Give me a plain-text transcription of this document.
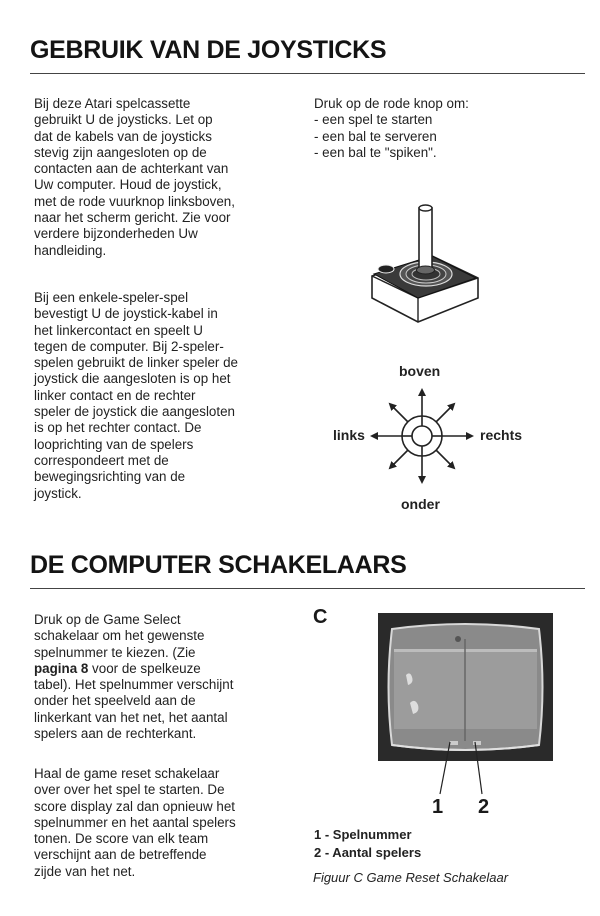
GEBRUIK VAN DE JOYSTICKS

Bij deze Atari spelcassette
gebruikt U de joysticks. Let op
dat de kabels van de joysticks
stevig zijn aangesloten op de
contacten aan de achterkant van
Uw computer. Houd de joystick,
met de rode vuurknop linksboven,
naar het scherm gericht. Zie voor
verdere bijzonderheden Uw
handleiding.

Bij een enkele-speler-spel
bevestigt U de joystick-kabel in
het linkercontact en speelt U
tegen de computer. Bij 2-speler-
spelen gebruikt de linker speler de
joystick die aangesloten is op het
linker contact en de rechter
speler de joystick die aangesloten
is op het rechter contact. De
looprichting van de spelers
correspondeert met de
bewegingsrichting van de
joystick.

Druk op de rode knop om:
- een spel te starten
- een bal te serveren
- een bal te "spiken".

boven
links	rechts
onder
DE COMPUTER SCHAKELAARS

Druk op de Game Select
schakelaar om het gewenste
spelnummer te kiezen. (Zie
pagina 8 voor de spelkeuze
tabel). Het spelnummer verschijnt
onder het speelveld aan de
linkerkant van het net, het aantal
spelers aan de rechterkant.

Haal de game reset schakelaar
over over het spel te starten. De
score display zal dan opnieuw het
spelnummer en het aantal spelers
tonen. De score van elk team
verschijnt aan de betreffende
zijde van het net.

C
1 2
1 - Spelnummer
2 - Aantal spelers
Figuur C Game Reset Schakelaar
